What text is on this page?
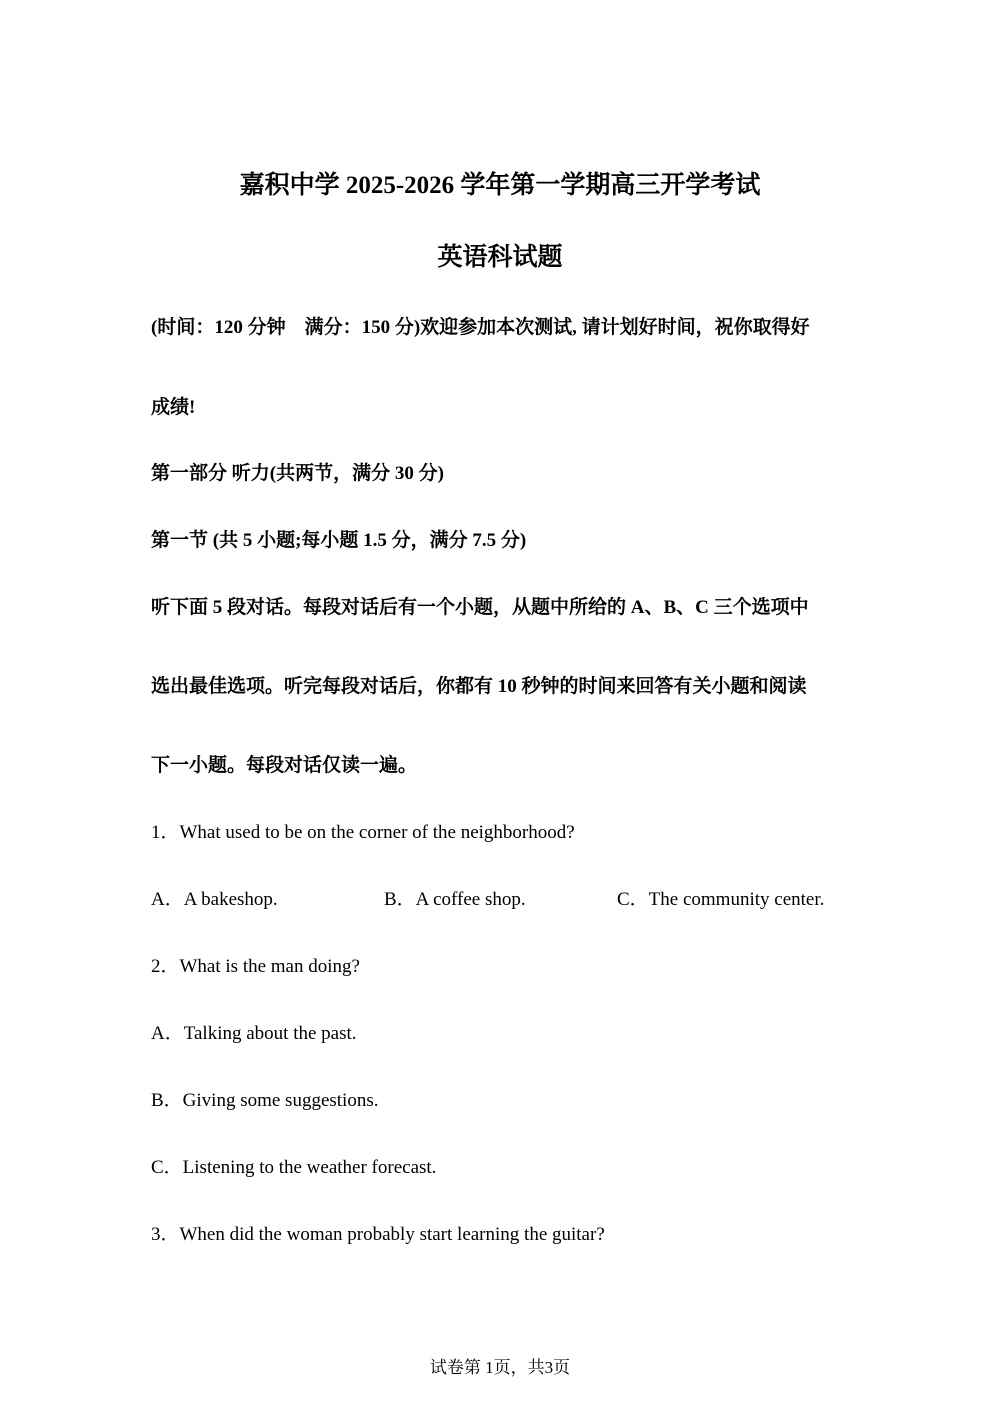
嘉积中学 2025-2026 学年第一学期高三开学考试
英语科试题
(时间：120 分钟　满分：150 分)欢迎参加本次测试, 请计划好时间，祝你取得好
成绩!
第一部分 听力(共两节，满分 30 分)
第一节 (共 5 小题;每小题 1.5 分，满分 7.5 分)
听下面 5 段对话。每段对话后有一个小题，从题中所给的 A、B、C 三个选项中
选出最佳选项。听完每段对话后，你都有 10 秒钟的时间来回答有关小题和阅读
下一小题。每段对话仅读一遍。
1．What used to be on the corner of the neighborhood?
A．A bakeshop.	B．A coffee shop.	C．The community center.
2．What is the man doing?
A．Talking about the past.
B．Giving some suggestions.
C．Listening to the weather forecast.
3．When did the woman probably start learning the guitar?
试卷第 1页，共3页
